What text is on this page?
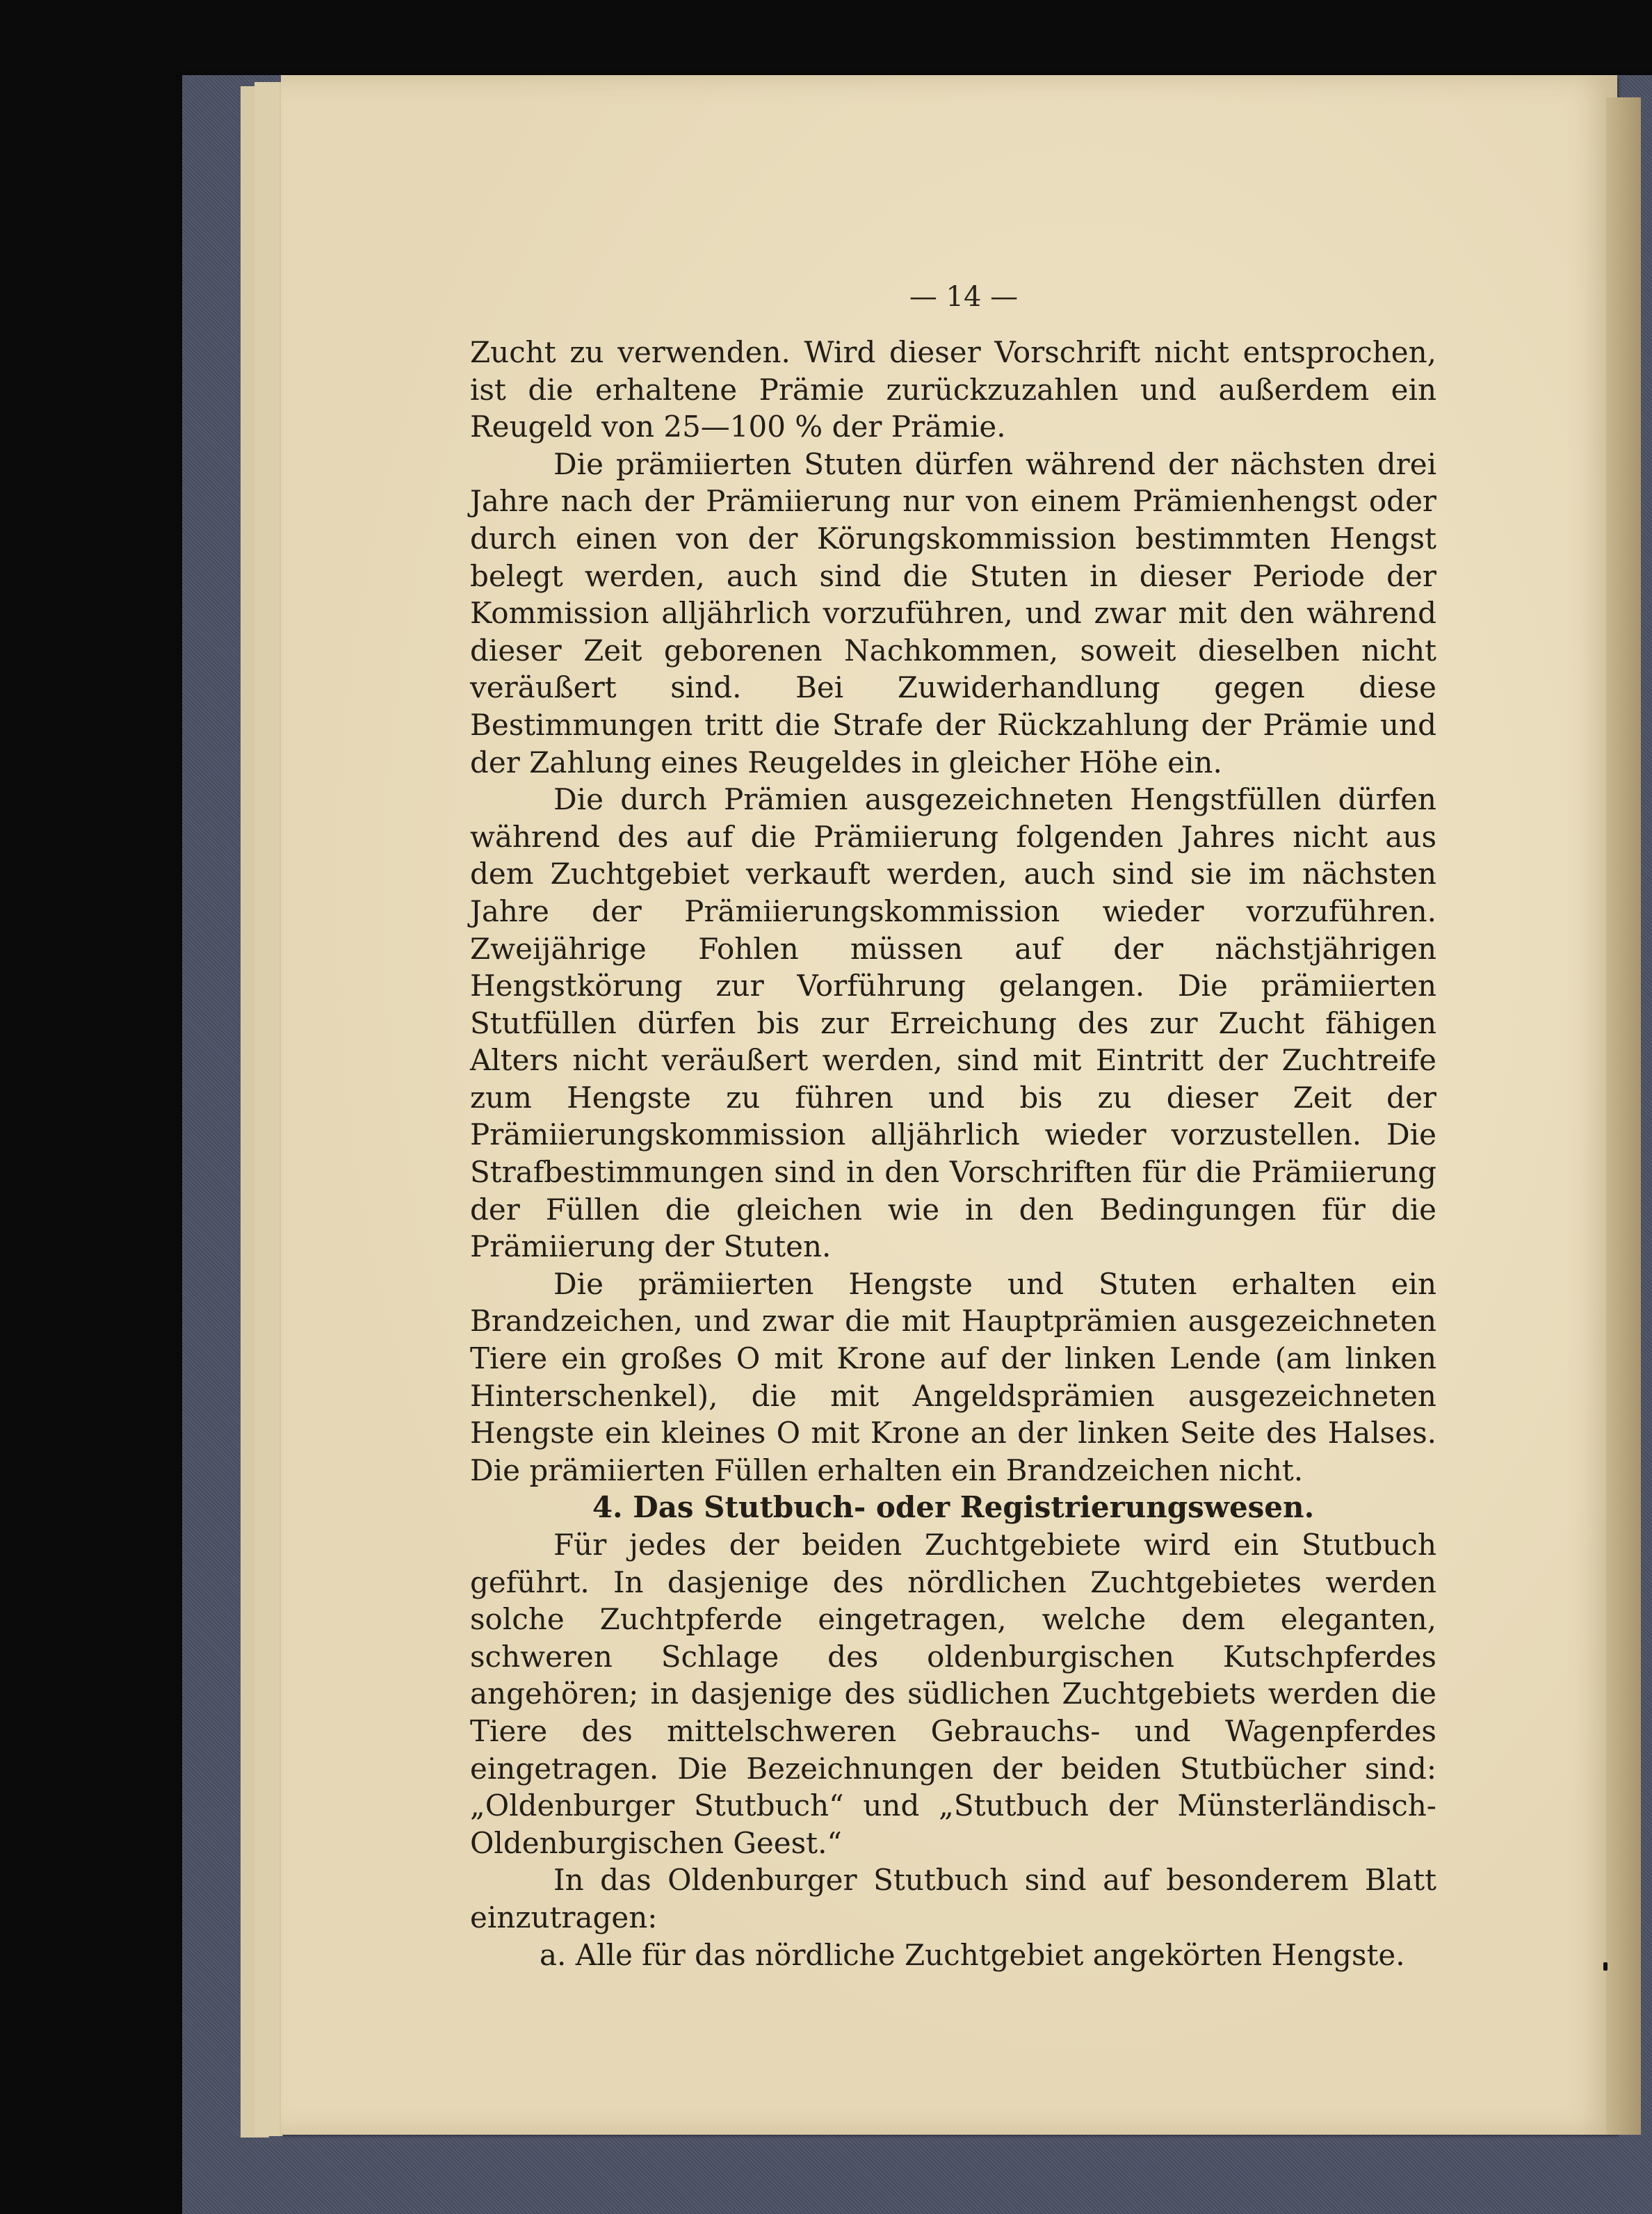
— 14 —

Zucht zu verwenden. Wird dieser Vorschrift nicht entsprochen, ist die erhaltene Prämie zurückzuzahlen und außerdem ein Reugeld von 25—100 % der Prämie.

Die prämiierten Stuten dürfen während der nächsten drei Jahre nach der Prämiierung nur von einem Prämienhengst oder durch einen von der Körungskommission bestimmten Hengst belegt werden, auch sind die Stuten in dieser Periode der Kommission alljährlich vorzuführen, und zwar mit den während dieser Zeit geborenen Nachkommen, soweit dieselben nicht veräußert sind. Bei Zuwiderhandlung gegen diese Bestimmungen tritt die Strafe der Rückzahlung der Prämie und der Zahlung eines Reugeldes in gleicher Höhe ein.

Die durch Prämien ausgezeichneten Hengstfüllen dürfen während des auf die Prämiierung folgenden Jahres nicht aus dem Zuchtgebiet verkauft werden, auch sind sie im nächsten Jahre der Prämiierungskommission wieder vorzuführen. Zweijährige Fohlen müssen auf der nächstjährigen Hengstkörung zur Vorführung gelangen. Die prämiierten Stutfüllen dürfen bis zur Erreichung des zur Zucht fähigen Alters nicht veräußert werden, sind mit Eintritt der Zuchtreife zum Hengste zu führen und bis zu dieser Zeit der Prämiierungskommission alljährlich wieder vorzustellen. Die Strafbestimmungen sind in den Vorschriften für die Prämiierung der Füllen die gleichen wie in den Bedingungen für die Prämiierung der Stuten.

Die prämiierten Hengste und Stuten erhalten ein Brandzeichen, und zwar die mit Hauptprämien ausgezeichneten Tiere ein großes O mit Krone auf der linken Lende (am linken Hinterschenkel), die mit Angeldsprämien ausgezeichneten Hengste ein kleines O mit Krone an der linken Seite des Halses. Die prämiierten Füllen erhalten ein Brandzeichen nicht.

4. Das Stutbuch- oder Registrierungswesen.

Für jedes der beiden Zuchtgebiete wird ein Stutbuch geführt. In dasjenige des nördlichen Zuchtgebietes werden solche Zuchtpferde eingetragen, welche dem eleganten, schweren Schlage des oldenburgischen Kutschpferdes angehören; in dasjenige des südlichen Zuchtgebiets werden die Tiere des mittelschweren Gebrauchs- und Wagenpferdes eingetragen. Die Bezeichnungen der beiden Stutbücher sind: „Oldenburger Stutbuch“ und „Stutbuch der Münsterländisch-Oldenburgischen Geest.“

In das Oldenburger Stutbuch sind auf besonderem Blatt einzutragen:

a. Alle für das nördliche Zuchtgebiet angekörten Hengste.
